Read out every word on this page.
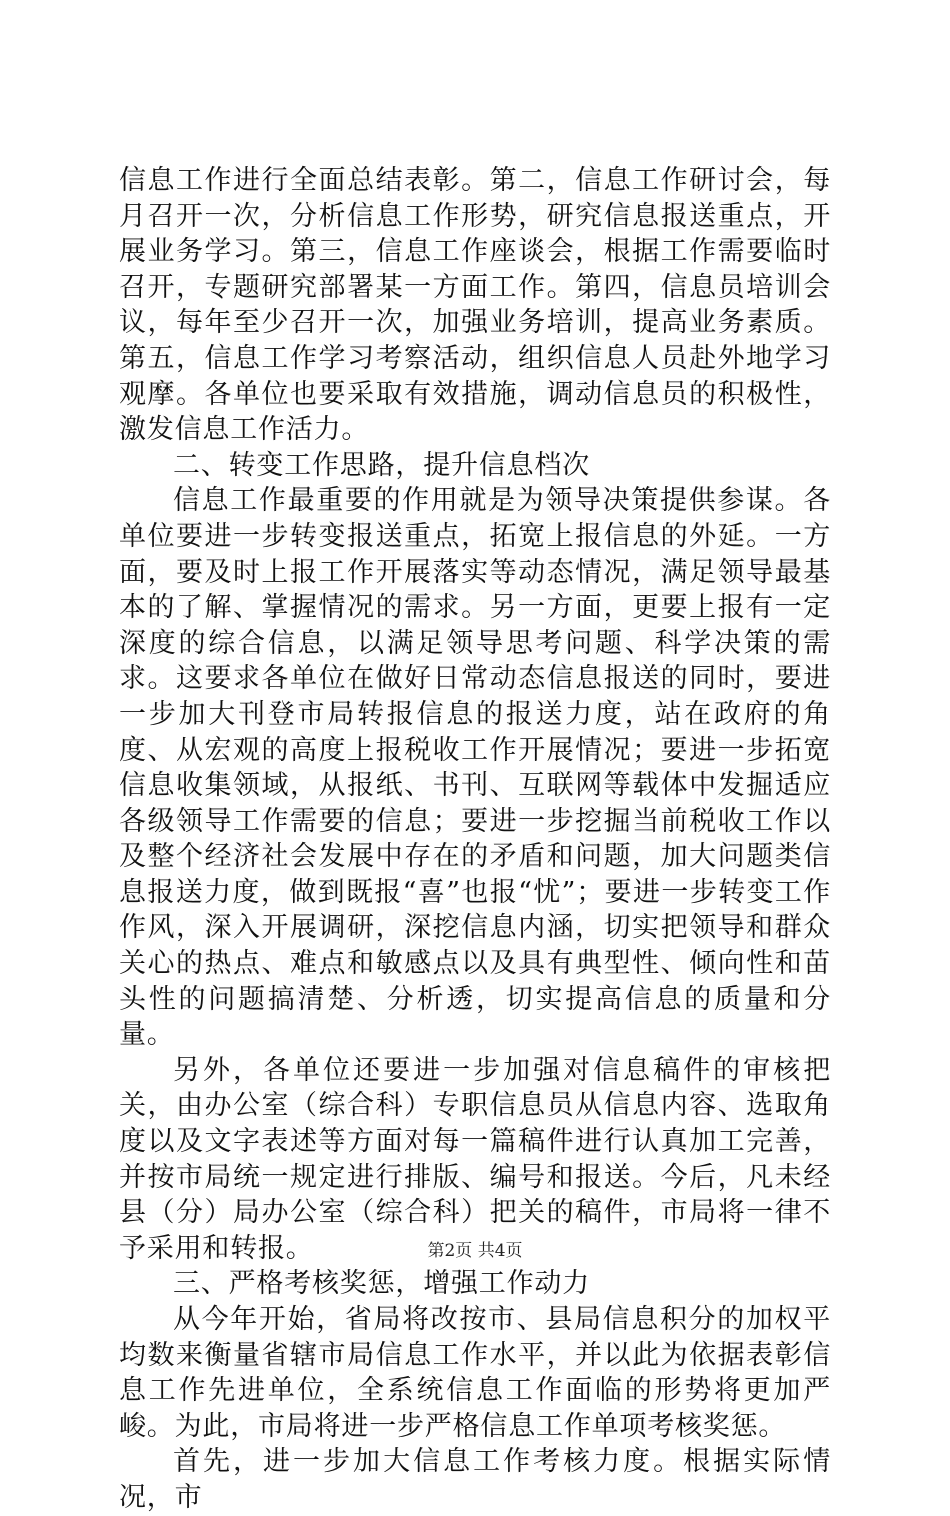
信息工作进行全面总结表彰。第二，信息工作研讨会，每月召开一次，分析信息工作形势，研究信息报送重点，开展业务学习。第三，信息工作座谈会，根据工作需要临时召开，专题研究部署某一方面工作。第四，信息员培训会议，每年至少召开一次，加强业务培训，提高业务素质。第五，信息工作学习考察活动，组织信息人员赴外地学习观摩。各单位也要采取有效措施，调动信息员的积极性，激发信息工作活力。

二、转变工作思路，提升信息档次

信息工作最重要的作用就是为领导决策提供参谋。各单位要进一步转变报送重点，拓宽上报信息的外延。一方面，要及时上报工作开展落实等动态情况，满足领导最基本的了解、掌握情况的需求。另一方面，更要上报有一定深度的综合信息，以满足领导思考问题、科学决策的需求。这要求各单位在做好日常动态信息报送的同时，要进一步加大刊登市局转报信息的报送力度，站在政府的角度、从宏观的高度上报税收工作开展情况；要进一步拓宽信息收集领域，从报纸、书刊、互联网等载体中发掘适应各级领导工作需要的信息；要进一步挖掘当前税收工作以及整个经济社会发展中存在的矛盾和问题，加大问题类信息报送力度，做到既报“喜”也报“忧”；要进一步转变工作作风，深入开展调研，深挖信息内涵，切实把领导和群众关心的热点、难点和敏感点以及具有典型性、倾向性和苗头性的问题搞清楚、分析透，切实提高信息的质量和分量。

另外，各单位还要进一步加强对信息稿件的审核把关，由办公室（综合科）专职信息员从信息内容、选取角度以及文字表述等方面对每一篇稿件进行认真加工完善，并按市局统一规定进行排版、编号和报送。今后，凡未经县（分）局办公室（综合科）把关的稿件，市局将一律不予采用和转报。

三、严格考核奖惩，增强工作动力

从今年开始，省局将改按市、县局信息积分的加权平均数来衡量省辖市局信息工作水平，并以此为依据表彰信息工作先进单位，全系统信息工作面临的形势将更加严峻。为此，市局将进一步严格信息工作单项考核奖惩。

首先，进一步加大信息工作考核力度。根据实际情况，市

第2页 共4页
